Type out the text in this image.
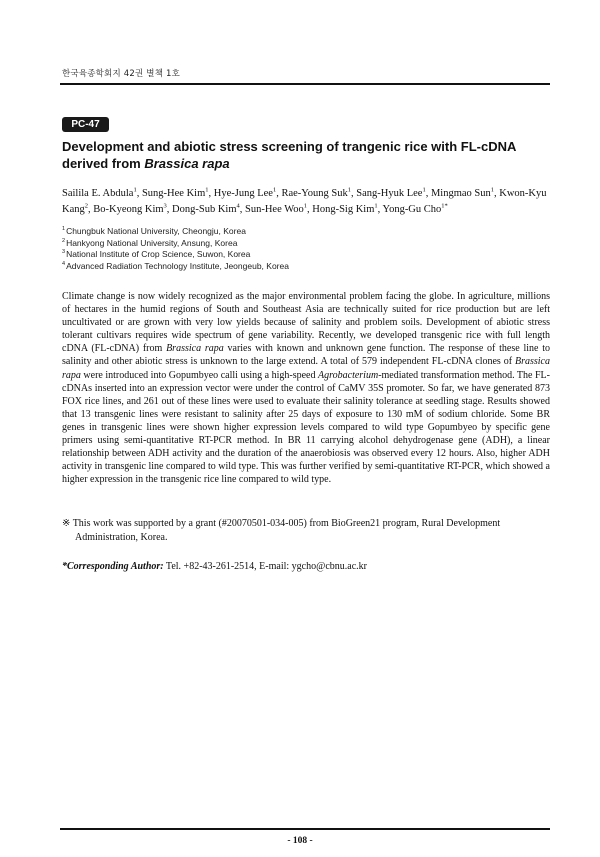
한국육종학회지 42권 별책 1호
PC-47
Development and abiotic stress screening of trangenic rice with FL-cDNA derived from Brassica rapa
Sailila E. Abdula$^1$, Sung-Hee Kim$^1$, Hye-Jung Lee$^1$, Rae-Young Suk$^1$, Sang-Hyuk Lee$^1$, Mingmao Sun$^1$, Kwon-Kyu Kang$^2$, Bo-Kyeong Kim$^3$, Dong-Sub Kim$^4$, Sun-Hee Woo$^1$, Hong-Sig Kim$^1$, Yong-Gu Cho$^{1*}$
$^1$Chungbuk National University, Cheongju, Korea
$^2$Hankyong National University, Ansung, Korea
$^3$National Institute of Crop Science, Suwon, Korea
$^4$Advanced Radiation Technology Institute, Jeongeub, Korea
Climate change is now widely recognized as the major environmental problem facing the globe. In agriculture, millions of hectares in the humid regions of South and Southeast Asia are technically suited for rice production but are left uncultivated or are grown with very low yields because of salinity and problem soils. Development of abiotic stress tolerant cultivars requires wide spectrum of gene variability. Recently, we developed transgenic rice with full length cDNA (FL-cDNA) from Brassica rapa varies with known and unknown gene function. The response of these line to salinity and other abiotic stress is unknown to the large extend. A total of 579 independent FL-cDNA clones of Brassica rapa were introduced into Gopumbyeo calli using a high-speed Agrobacterium-mediated transformation method. The FL-cDNAs inserted into an expression vector were under the control of CaMV 35S promoter. So far, we have generated 873 FOX rice lines, and 261 out of these lines were used to evaluate their salinity tolerance at seedling stage. Results showed that 13 transgenic lines were resistant to salinity after 25 days of exposure to 130 mM of sodium chloride. Some BR genes in transgenic lines were shown higher expression levels compared to wild type Gopumbyeo by specific gene primers using semi-quantitative RT-PCR method. In BR 11 carrying alcohol dehydrogenase gene (ADH), a linear relationship between ADH activity and the duration of the anaerobiosis was observed every 12 hours. Also, higher ADH activity in transgenic line compared to wild type. This was further verified by semi-quantitative RT-PCR, which showed a higher expression in the transgenic rice line compared to wild type.
※ This work was supported by a grant (#20070501-034-005) from BioGreen21 program, Rural Development
Administration, Korea.
*Corresponding Author: Tel. +82-43-261-2514, E-mail: ygcho@cbnu.ac.kr
- 108 -
